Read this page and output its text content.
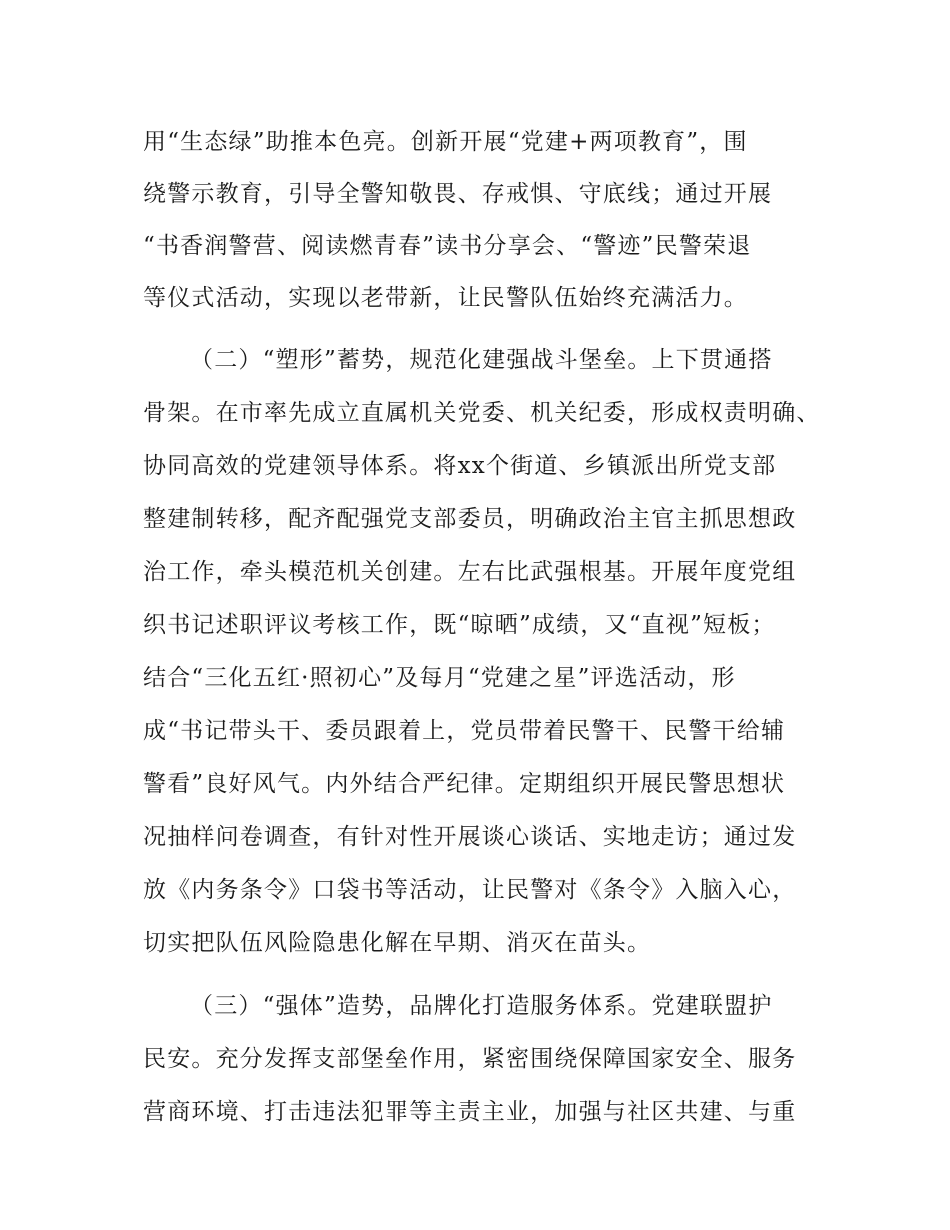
用“生态绿”助推本色亮。创新开展“党建+两项教育”，围
绕警示教育，引导全警知敬畏、存戒惧、守底线；通过开展
“书香润警营、阅读燃青春”读书分享会、“警迹”民警荣退
等仪式活动，实现以老带新，让民警队伍始终充满活力。
（二）“塑形”蓄势，规范化建强战斗堡垒。上下贯通搭
骨架。在市率先成立直属机关党委、机关纪委，形成权责明确、
协同高效的党建领导体系。将xx个街道、乡镇派出所党支部
整建制转移，配齐配强党支部委员，明确政治主官主抓思想政
治工作，牵头模范机关创建。左右比武强根基。开展年度党组
织书记述职评议考核工作，既“晾晒”成绩，又“直视”短板；
结合“三化五红·照初心”及每月“党建之星”评选活动，形
成“书记带头干、委员跟着上，党员带着民警干、民警干给辅
警看”良好风气。内外结合严纪律。定期组织开展民警思想状
况抽样问卷调查，有针对性开展谈心谈话、实地走访；通过发
放《内务条令》口袋书等活动，让民警对《条令》入脑入心，
切实把队伍风险隐患化解在早期、消灭在苗头。
（三）“强体”造势，品牌化打造服务体系。党建联盟护
民安。充分发挥支部堡垒作用，紧密围绕保障国家安全、服务
营商环境、打击违法犯罪等主责主业，加强与社区共建、与重
